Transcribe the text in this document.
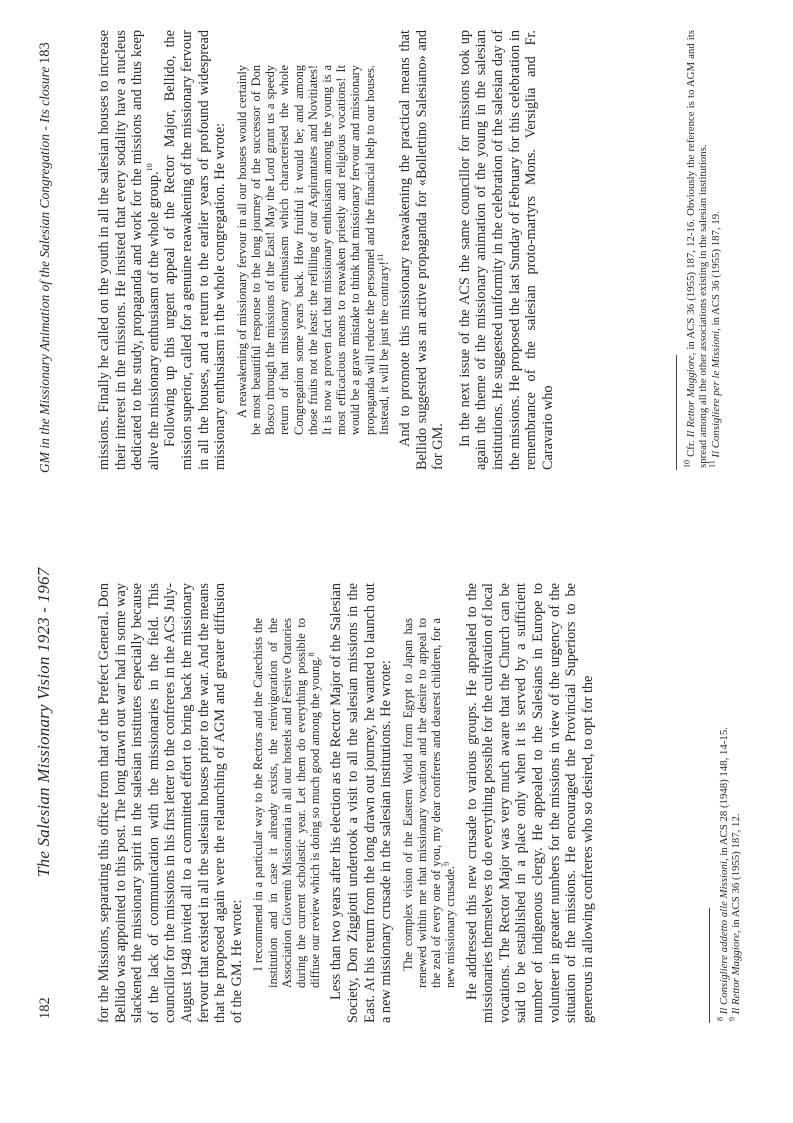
182
The Salesian Missionary Vision 1923 - 1967	for the Missions, separating this office from that of the Prefect General. Don Bellido was appointed to this post. The long drawn out war had in some way slackened the missionary spirit in the salesian institutes especially because of the lack of communication with the missionaries in the field. This councillor for the missions in his first letter to the confreres in the ACS July-August 1948 invited all to a committed effort to bring back the missionary fervour that existed in all the salesian houses prior to the war. And the means that he proposed again were the relaunching of AGM and greater diffusion of the GM. He wrote: I recommend in a particular way to the Rectors and the Catechists the institution and in case it already exists, the reinvigoration of the Association Gioventù Missionaria in all our hostels and Festive Oratories during the current scholastic year. Let them do everything possible to diffuse our review which is doing so much good among the young.$^8$ Less than two years after his election as the Rector Major of the Salesian Society, Don Ziggiotti undertook a visit to all the salesian missions in the East. At his return from the long drawn out journey, he wanted to launch out a new missionary crusade in the salesian institutions. He wrote: The complex vision of the Eastern World from Egypt to Japan has renewed within me that missionary vocation and the desire to appeal to the zeal of every one of you, my dear confreres and dearest children, for a new missionary crusade.$^9$ He addressed this new crusade to various groups. He appealed to the missionaries themselves to do everything possible for the cultivation of local vocations. The Rector Major was very much aware that the Church can be said to be established in a place only when it is served by a sufficient number of indigenous clergy. He appealed to the Salesians in Europe to volunteer in greater numbers for the missions in view of the urgency of the situation of the missions. He encouraged the Provincial Superiors to be generous in allowing confreres who so desired, to opt for the	$^8$ Il Consigliere addetto alle Missioni, in ACS 28 (1948) 148, 14-15.

$^9$ Il Rettor Maggiore, in ACS 36 (1955) 187, 12.

GM in the Missionary Animation of the Salesian Congregation - Its closure
183	missions. Finally he called on the youth in all the salesian houses to increase their interest in the missions. He insisted that every sodality have a nucleus dedicated to the study, propaganda and work for the missions and thus keep alive the missionary enthusiasm of the whole group.$^{10}$ Following up this urgent appeal of the Rector Major, Bellido, the mission superior, called for a genuine reawakening of the missionary fervour in all the houses, and a return to the earlier years of profound widespread missionary enthusiasm in the whole congregation. He wrote: A reawakening of missionary fervour in all our houses would certainly be most beautiful response to the long journey of the successor of Don Bosco through the missions of the East! May the Lord grant us a speedy return of that missionary enthusiasm which characterised the whole Congregation some years back. How fruitful it would be; and among those fruits not the least: the refilling of our Aspirantates and Novitiates! It is now a proven fact that missionary enthusiasm among the young is a most efficacious means to reawaken priestly and religious vocations! It would be a grave mistake to think that missionary fervour and missionary propaganda will reduce the personnel and the financial help to our houses. Instead, it will be just the contrary!$^{11}$ And to promote this missionary reawakening the practical means that Bellido suggested was an active propaganda for «Bollettino Salesiano» and for GM. In the next issue of the ACS the same councillor for missions took up again the theme of the missionary animation of the young in the salesian institutions. He suggested uniformity in the celebration of the salesian day of the missions. He proposed the last Sunday of February for this celebration in remembrance of the salesian proto-martyrs Mons. Versiglia and Fr. Caravario who	$^{10}$ Cfr. Il Rettor Maggiore, in ACS 36 (1955) 187, 12-16. Obviously the reference is to AGM and its spread among all the other associations existing in the salesian institutions.

$^{11}$ Il Consigliere per le Missioni, in ACS 36 (1955) 187, 19.
